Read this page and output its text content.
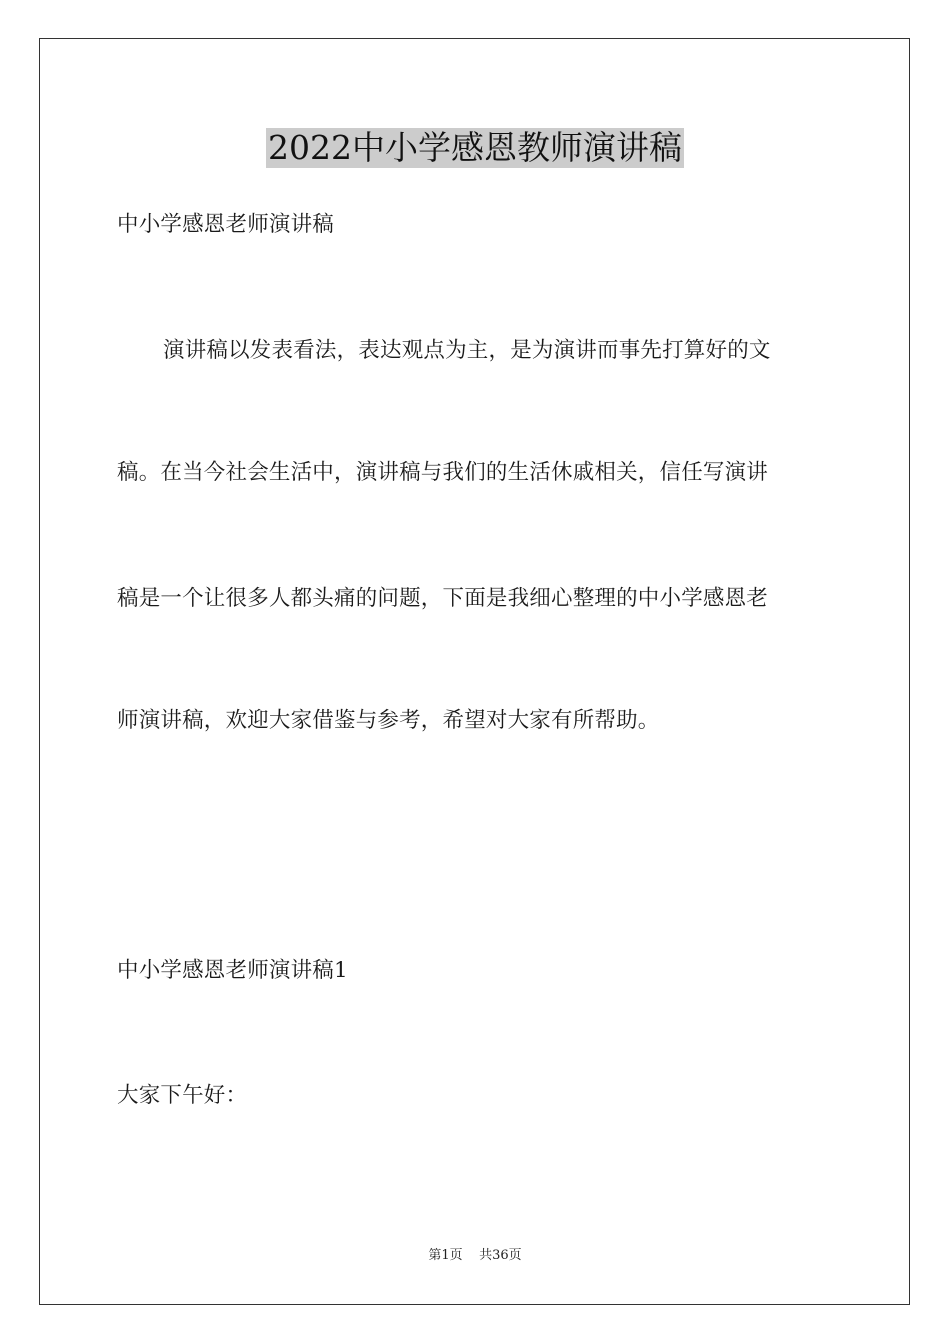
2022中小学感恩教师演讲稿
中小学感恩老师演讲稿
演讲稿以发表看法，表达观点为主，是为演讲而事先打算好的文
稿。在当今社会生活中，演讲稿与我们的生活休戚相关，信任写演讲
稿是一个让很多人都头痛的问题，下面是我细心整理的中小学感恩老
师演讲稿，欢迎大家借鉴与参考，希望对大家有所帮助。
中小学感恩老师演讲稿1
大家下午好：
第1页 共36页
